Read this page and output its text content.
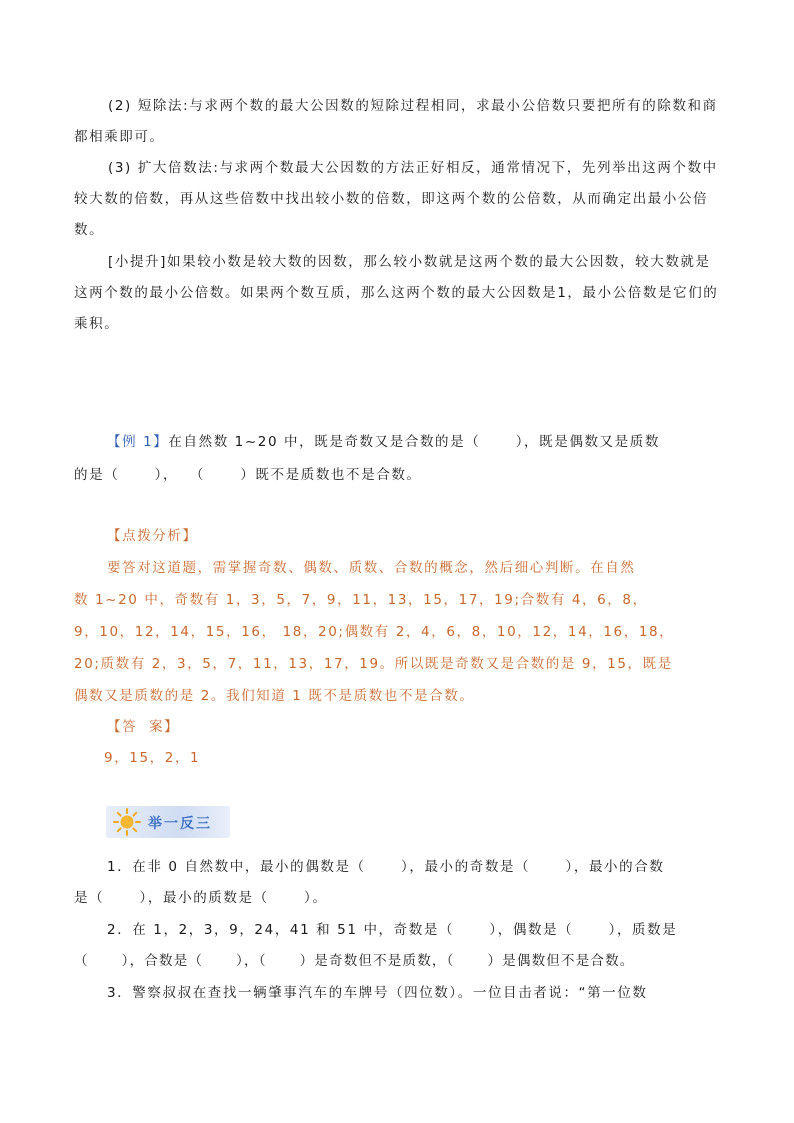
(2) 短除法:与求两个数的最大公因数的短除过程相同，求最小公倍数只要把所有的除数和商都相乘即可。
(3) 扩大倍数法:与求两个数最大公因数的方法正好相反，通常情况下，先列举出这两个数中较大数的倍数，再从这些倍数中找出较小数的倍数，即这两个数的公倍数，从而确定出最小公倍数。
[小提升]如果较小数是较大数的因数，那么较小数就是这两个数的最大公因数，较大数就是这两个数的最小公倍数。如果两个数互质，那么这两个数的最大公因数是1，最小公倍数是它们的乘积。
【例 1】在自然数 1~20 中，既是奇数又是合数的是（      ），既是偶数又是质数
的是（      ），  （      ）既不是质数也不是合数。
【点拨分析】
要答对这道题，需掌握奇数、偶数、质数、合数的概念，然后细心判断。在自然
数 1~20 中，奇数有 1，3，5，7，9，11，13，15，17，19;合数有 4，6，8，
9，10，12，14，15，16， 18，20;偶数有 2，4，6，8，10，12，14，16，18，
20;质数有 2，3，5，7，11，13，17，19。所以既是奇数又是合数的是 9，15，既是
偶数又是质数的是 2。我们知道 1 既不是质数也不是合数。
【答  案】
9，15，2，1
举一反三
1．在非 0 自然数中，最小的偶数是（      ），最小的奇数是（      ），最小的合数
是（      ），最小的质数是（      ）。
2．在 1，2，3，9，24，41 和 51 中，奇数是（      ），偶数是（      ），质数是
（      ），合数是（      ），（      ）是奇数但不是质数，（      ）是偶数但不是合数。
3．警察叔叔在查找一辆肇事汽车的车牌号（四位数）。一位目击者说：“第一位数
